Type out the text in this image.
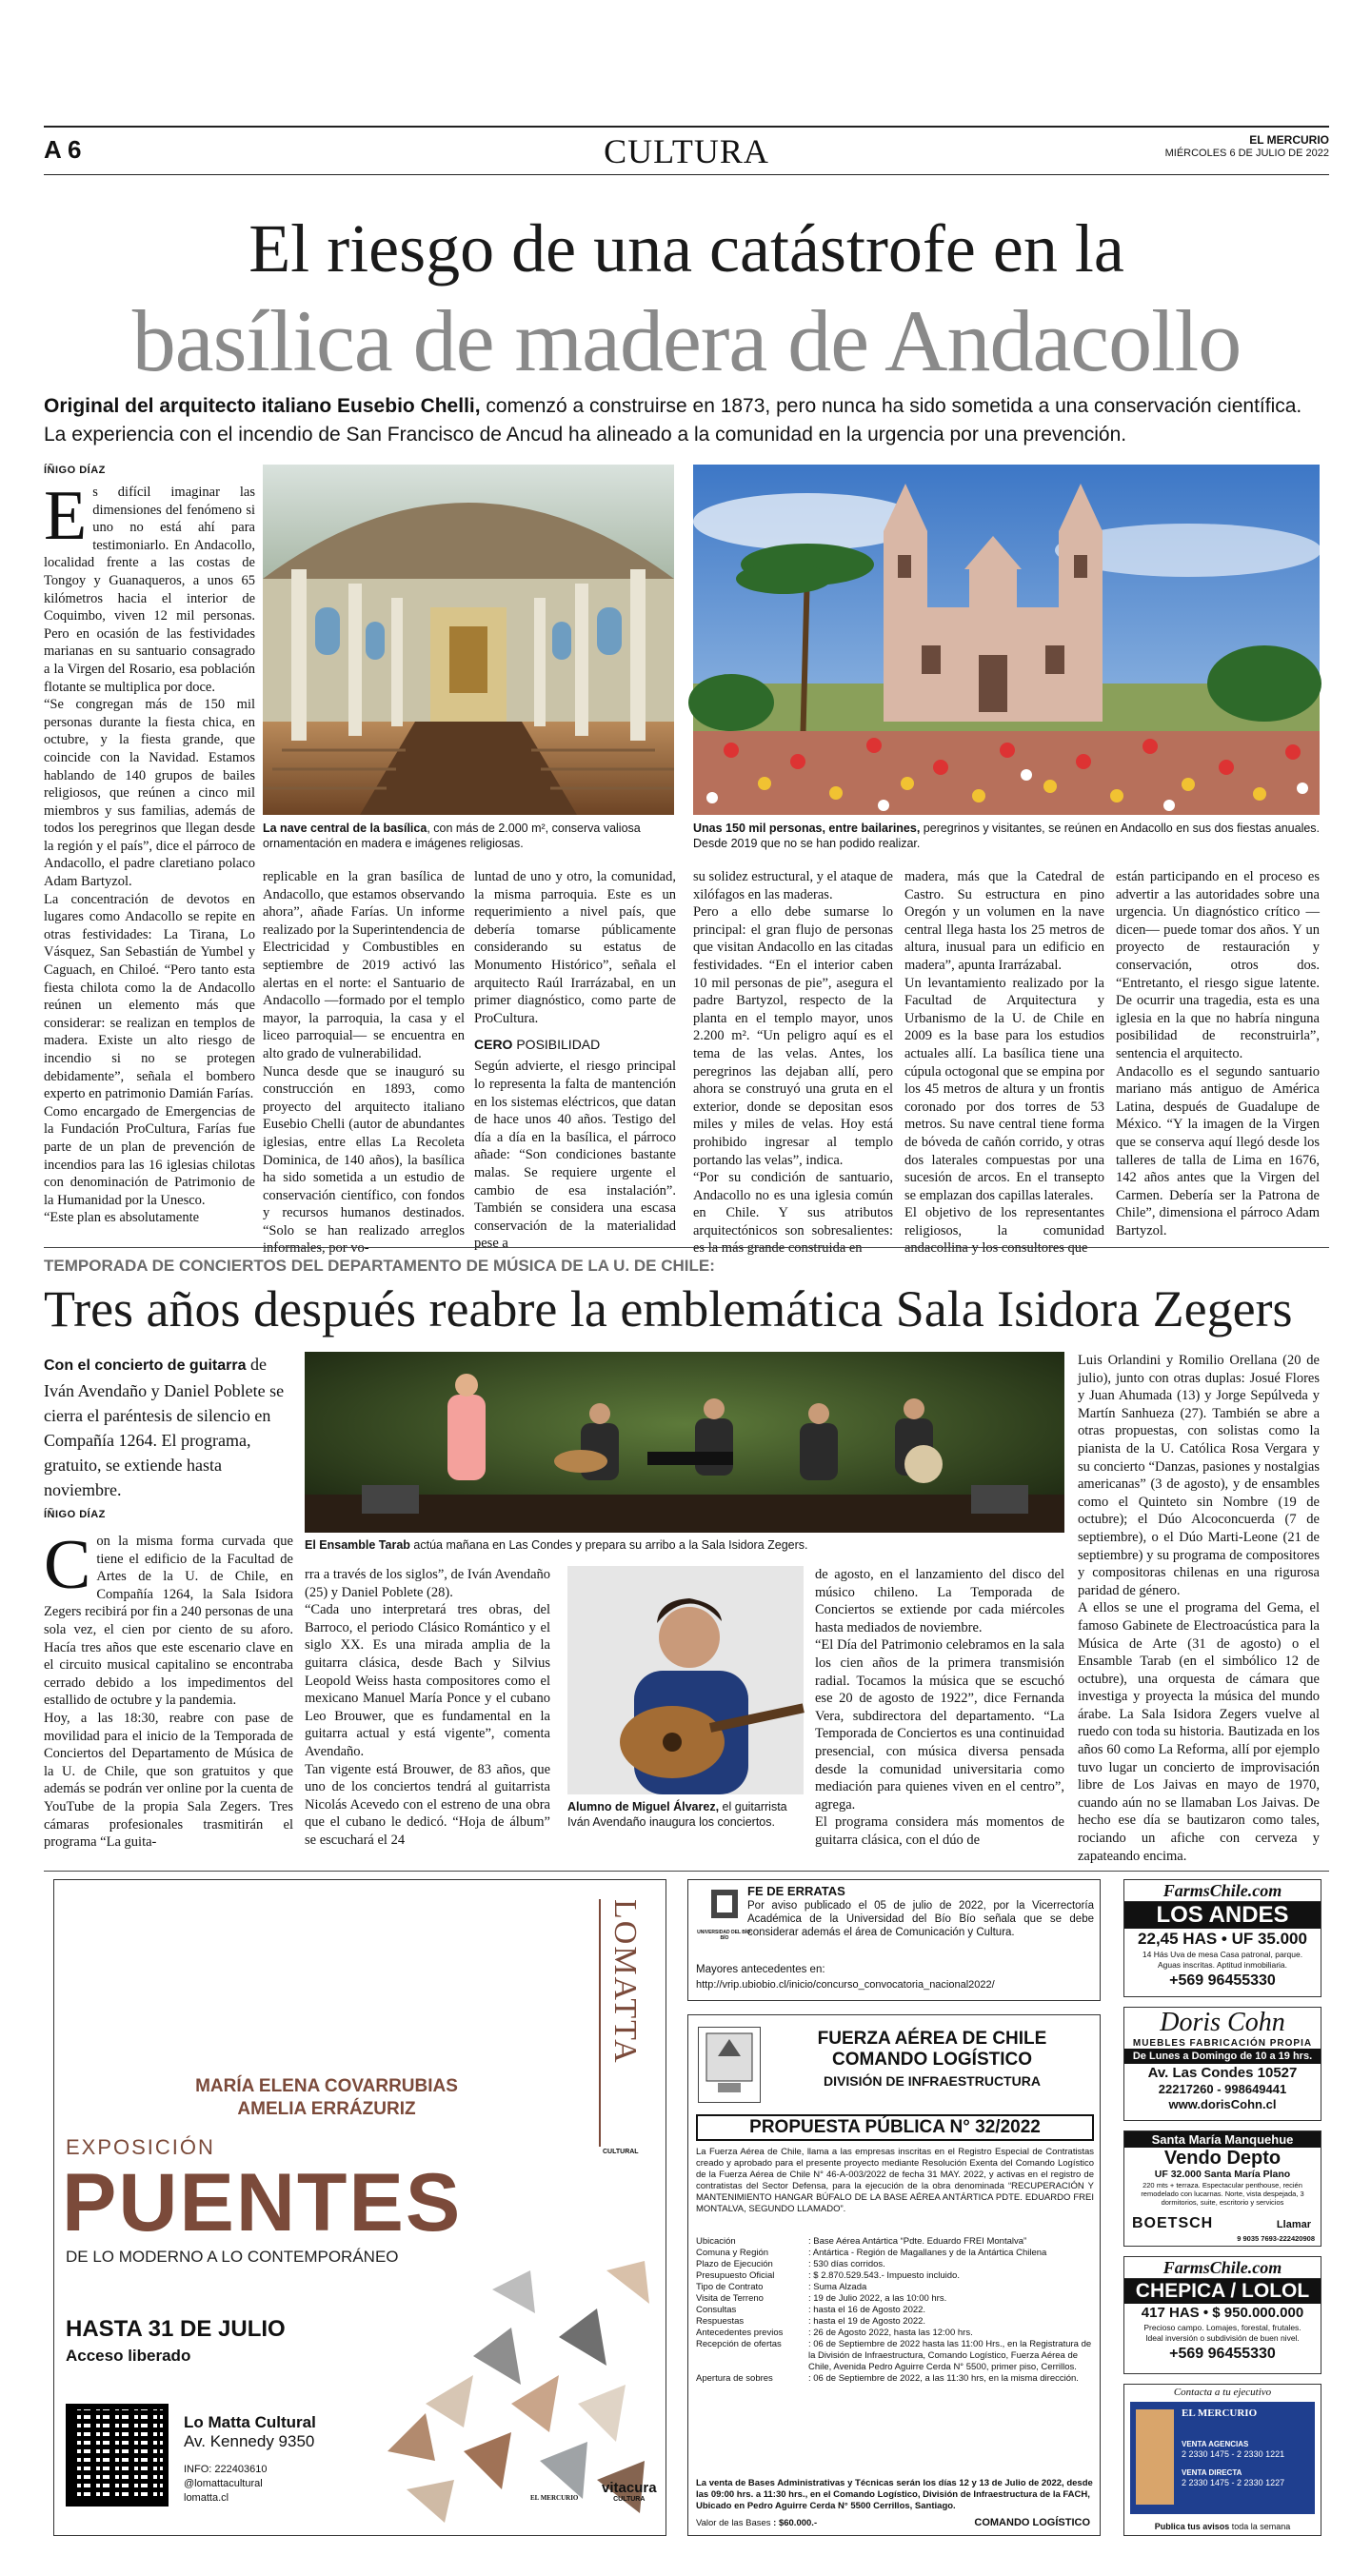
A 6	CULTURA	EL MERCURIO
MIÉRCOLES 6 DE JULIO DE 2022
El riesgo de una catástrofe en la
basílica de madera de Andacollo
Original del arquitecto italiano Eusebio Chelli, comenzó a construirse en 1873, pero nunca ha sido sometida a una conservación científica. La experiencia con el incendio de San Francisco de Ancud ha alineado a la comunidad en la urgencia por una prevención.
ÍÑIGO DÍAZ
E s difícil imaginar las dimensiones del fenómeno si uno no está ahí para testimoniarlo. En Andacollo, localidad frente a las costas de Tongoy y Guanaqueros, a unos 65 kilómetros hacia el interior de Coquimbo, viven 12 mil personas. Pero en ocasión de las festividades marianas en su santuario consagrado a la Virgen del Rosario, esa población flotante se multiplica por doce.

“Se congregan más de 150 mil personas durante la fiesta chica, en octubre, y la fiesta grande, que coincide con la Navidad. Estamos hablando de 140 grupos de bailes religiosos, que reúnen a cinco mil miembros y sus familias, además de todos los peregrinos que llegan desde la región y el país”, dice el párroco de Andacollo, el padre claretiano polaco Adam Bartyzol.

La concentración de devotos en lugares como Andacollo se repite en otras festividades: La Tirana, Lo Vásquez, San Sebastián de Yumbel y Caguach, en Chiloé. “Pero tanto esta fiesta chilota como la de Andacollo reúnen un elemento más que considerar: se realizan en templos de madera. Existe un alto riesgo de incendio si no se protegen debidamente”, señala el bombero experto en patrimonio Damián Farías.

Como encargado de Emergencias de la Fundación ProCultura, Farías fue parte de un plan de prevención de incendios para las 16 iglesias chilotas con denominación de Patrimonio de la Humanidad por la Unesco.

“Este plan es absolutamente

La nave central de la basílica, con más de 2.000 m², conserva valiosa ornamentación en madera e imágenes religiosas.
Unas 150 mil personas, entre bailarines, peregrinos y visitantes, se reúnen en Andacollo en sus dos fiestas anuales. Desde 2019 que no se han podido realizar.

replicable en la gran basílica de Andacollo, que estamos observando ahora”, añade Farías. Un informe realizado por la Superintendencia de Electricidad y Combustibles en septiembre de 2019 activó las alertas en el norte: el Santuario de Andacollo —formado por el templo mayor, la parroquia, la casa y el liceo parroquial— se encuentra en alto grado de vulnerabilidad.
Nunca desde que se inauguró su construcción en 1893, como proyecto del arquitecto italiano Eusebio Chelli (autor de abundantes iglesias, entre ellas La Recoleta Dominica, de 140 años), la basílica ha sido sometida a un estudio de conservación científico, con fondos y recursos humanos destinados. “Solo se han realizado arreglos informales, por vo-

luntad de uno y otro, la comunidad, la misma parroquia. Este es un requerimiento a nivel país, que debería tomarse públicamente considerando su estatus de Monumento Histórico”, señala el arquitecto Raúl Irarrázabal, en un primer diagnóstico, como parte de ProCultura.

CERO POSIBILIDAD

Según advierte, el riesgo principal lo representa la falta de mantención en los sistemas eléctricos, que datan de hace unos 40 años. Testigo del día a día en la basílica, el párroco añade: “Son condiciones bastante malas. Se requiere urgente el cambio de esa instalación”. También se considera una escasa conservación de la materialidad pese a

su solidez estructural, y el ataque de xilófagos en las maderas.
Pero a ello debe sumarse lo principal: el gran flujo de personas que visitan Andacollo en las citadas festividades. “En el interior caben 10 mil personas de pie”, asegura el padre Bartyzol, respecto de la planta en el templo mayor, unos 2.200 m². “Un peligro aquí es el tema de las velas. Antes, los peregrinos las dejaban allí, pero ahora se construyó una gruta en el exterior, donde se depositan esos miles y miles de velas. Hoy está prohibido ingresar al templo portando las velas”, indica.
“Por su condición de santuario, Andacollo no es una iglesia común en Chile. Y sus atributos arquitectónicos son sobresalientes: es la más grande construida en

madera, más que la Catedral de Castro. Su estructura en pino Oregón y un volumen en la nave central llega hasta los 25 metros de altura, inusual para un edificio en madera”, apunta Irarrázabal.
Un levantamiento realizado por la Facultad de Arquitectura y Urbanismo de la U. de Chile en 2009 es la base para los estudios actuales allí. La basílica tiene una cúpula octogonal que se empina por los 45 metros de altura y un frontis coronado por dos torres de 53 metros. Su nave central tiene forma de bóveda de cañón corrido, y otras dos laterales compuestas por una sucesión de arcos. En el transepto se emplazan dos capillas laterales.
El objetivo de los representantes religiosos, la comunidad andacollina y los consultores que

están participando en el proceso es advertir a las autoridades sobre una urgencia. Un diagnóstico crítico —dicen— puede tomar dos años. Y un proyecto de restauración y conservación, otros dos. “Entretanto, el riesgo sigue latente. De ocurrir una tragedia, esta es una iglesia en la que no habría ninguna posibilidad de reconstruirla”, sentencia el arquitecto.
Andacollo es el segundo santuario mariano más antiguo de América Latina, después de Guadalupe de México. “Y la imagen de la Virgen que se conserva aquí llegó desde los talleres de talla de Lima en 1676, 142 años antes que la Virgen del Carmen. Debería ser la Patrona de Chile”, dimensiona el párroco Adam Bartyzol.

TEMPORADA DE CONCIERTOS DEL DEPARTAMENTO DE MÚSICA DE LA U. DE CHILE:
Tres años después reabre la emblemática Sala Isidora Zegers
Con el concierto de guitarra de Iván Avendaño y Daniel Poblete se cierra el paréntesis de silencio en Compañía 1264. El programa, gratuito, se extiende hasta noviembre.
ÍÑIGO DÍAZ
El Ensamble Tarab actúa mañana en Las Condes y prepara su arribo a la Sala Isidora Zegers.
C on la misma forma curvada que tiene el edificio de la Facultad de Artes de la U. de Chile, en Compañía 1264, la Sala Isidora Zegers recibirá por fin a 240 personas de una sola vez, el cien por ciento de su aforo. Hacía tres años que este escenario clave en el circuito musical capitalino se encontraba cerrado debido a los impedimentos del estallido de octubre y la pandemia.
Hoy, a las 18:30, reabre con pase de movilidad para el inicio de la Temporada de Conciertos del Departamento de Música de la U. de Chile, que son gratuitos y que además se podrán ver online por la cuenta de YouTube de la propia Sala Zegers. Tres cámaras profesionales trasmitirán el programa “La guita-

rra a través de los siglos”, de Iván Avendaño (25) y Daniel Poblete (28).
“Cada uno interpretará tres obras, del Barroco, el periodo Clásico Romántico y el siglo XX. Es una mirada amplia de la guitarra clásica, desde Bach y Silvius Leopold Weiss hasta compositores como el mexicano Manuel María Ponce y el cubano Leo Brouwer, que es fundamental en la guitarra actual y está vigente”, comenta Avendaño.
Tan vigente está Brouwer, de 83 años, que uno de los conciertos tendrá al guitarrista Nicolás Acevedo con el estreno de una obra que el cubano le dedicó. “Hoja de álbum” se escuchará el 24

Alumno de Miguel Álvarez, el guitarrista Iván Avendaño inaugura los conciertos.

de agosto, en el lanzamiento del disco del músico chileno. La Temporada de Conciertos se extiende por cada miércoles hasta mediados de noviembre.
“El Día del Patrimonio celebramos en la sala los cien años de la primera transmisión radial. Tocamos la música que se escuchó ese 20 de agosto de 1922”, dice Fernanda Vera, subdirectora del departamento. “La Temporada de Conciertos es una continuidad presencial, con música diversa pensada desde la comunidad universitaria como mediación para quienes viven en el centro”, agrega.
El programa considera más momentos de guitarra clásica, con el dúo de

Luis Orlandini y Romilio Orellana (20 de julio), junto con otras duplas: Josué Flores y Juan Ahumada (13) y Jorge Sepúlveda y Martín Sanhueza (27). También se abre a otras propuestas, con solistas como la pianista de la U. Católica Rosa Vergara y su concierto “Danzas, pasiones y nostalgias americanas” (3 de agosto), y de ensambles como el Quinteto sin Nombre (19 de octubre); el Dúo Alcoconcuerda (7 de septiembre), o el Dúo Marti-Leone (21 de septiembre) y su programa de compositores y compositoras chilenas en una rigurosa paridad de género.
A ellos se une el programa del Gema, el famoso Gabinete de Electroacústica para la Música de Arte (31 de agosto) o el Ensamble Tarab (en el simbólico 12 de octubre), una orquesta de cámara que investiga y proyecta la música del mundo árabe. La Sala Isidora Zegers vuelve al ruedo con toda su historia. Bautizada en los años 60 como La Reforma, allí por ejemplo tuvo lugar un concierto de improvisación libre de Los Jaivas en mayo de 1970, cuando aún no se llamaban Los Jaivas. De hecho ese día se bautizaron como tales, rociando un afiche con cerveza y zapateando encima.

LOMATTA
CULTURAL
MARÍA ELENA COVARRUBIAS
AMELIA ERRÁZURIZ
EXPOSICIÓN
PUENTES
DE LO MODERNO A LO CONTEMPORÁNEO
HASTA 31 DE JULIO
Acceso liberado
Lo Matta Cultural
Av. Kennedy 9350
INFO: 222403610
@lomattacultural
lomatta.cl	EL MERCURIO
vitacura
CULTURA
UNIVERSIDAD DEL BÍO-BÍO
FE DE ERRATAS
Por aviso publicado el 05 de julio de 2022, por la Vicerrectoría Académica de la Universidad del Bío Bío señala que se debe considerar además el área de Comunicación y Cultura.
Mayores antecedentes en:
http://vrip.ubiobio.cl/inicio/concurso_convocatoria_nacional2022/
FUERZA AÉREA DE CHILE
COMANDO LOGÍSTICO
DIVISIÓN DE INFRAESTRUCTURA
PROPUESTA PÚBLICA N° 32/2022
La Fuerza Aérea de Chile, llama a las empresas inscritas en el Registro Especial de Contratistas creado y aprobado para el presente proyecto mediante Resolución Exenta del Comando Logístico de la Fuerza Aérea de Chile N° 46-A-003/2022 de fecha 31 MAY. 2022, y activas en el registro de contratistas del Sector Defensa, para la ejecución de la obra denominada “RECUPERACIÓN Y MANTENIMIENTO HANGAR BÚFALO DE LA BASE AÉREA ANTÁRTICA PDTE. EDUARDO FREI MONTALVA, SEGUNDO LLAMADO”.
Ubicación	: Base Aérea Antártica “Pdte. Eduardo FREI Montalva”
Comuna y Región	: Antártica - Región de Magallanes y de la Antártica Chilena
Plazo de Ejecución	: 530 días corridos.
Presupuesto Oficial	: $ 2.870.529.543.- Impuesto incluido.
Tipo de Contrato	: Suma Alzada
Visita de Terreno	: 19 de Julio 2022, a las 10:00 hrs.
Consultas	: hasta el 16 de Agosto 2022.
Respuestas	: hasta el 19 de Agosto 2022.
Antecedentes previos	: 26 de Agosto 2022, hasta las 12:00 hrs.
Recepción de ofertas	: 06 de Septiembre de 2022 hasta las 11:00 Hrs., en la Registratura de la División de Infraestructura, Comando Logístico, Fuerza Aérea de Chile, Avenida Pedro Aguirre Cerda N° 5500, primer piso, Cerrillos.
Apertura de sobres	: 06 de Septiembre de 2022, a las 11:30 hrs, en la misma dirección.
La venta de Bases Administrativas y Técnicas serán los días 12 y 13 de Julio de 2022, desde las 09:00 hrs. a 11:30 hrs., en el Comando Logístico, División de Infraestructura de la FACH, Ubicado en Pedro Aguirre Cerda N° 5500 Cerrillos, Santiago.
Valor de las Bases : $60.000.-	COMANDO LOGÍSTICO
FarmsChile.com
LOS ANDES
22,45 HAS • UF 35.000
14 Hás Uva de mesa Casa patronal, parque.
Aguas inscritas. Aptitud inmobiliaria.
+569 96455330
Doris Cohn
MUEBLES FABRICACIÓN PROPIA
De Lunes a Domingo de 10 a 19 hrs.
Av. Las Condes 10527
22217260 - 998649441
www.dorisCohn.cl
Santa María Manquehue
Vendo Depto
UF 32.000 Santa María Plano
220 mts + terraza. Espectacular penthouse, recién remodelado con lucarnas. Norte, vista despejada, 3 dormitorios, suite, escritorio y servicios
BOETSCH	Llamar
9 9035 7693-222420908
FarmsChile.com
CHEPICA / LOLOL
417 HAS • $ 950.000.000
Precioso campo. Lomajes, forestal, frutales.
Ideal inversión o subdivisión de buen nivel.
+569 96455330
Contacta a tu ejecutivo
EL MERCURIO
VENTA AGENCIAS
2 2330 1475 - 2 2330 1221
VENTA DIRECTA
2 2330 1475 - 2 2330 1227
Publica tus avisos toda la semana
